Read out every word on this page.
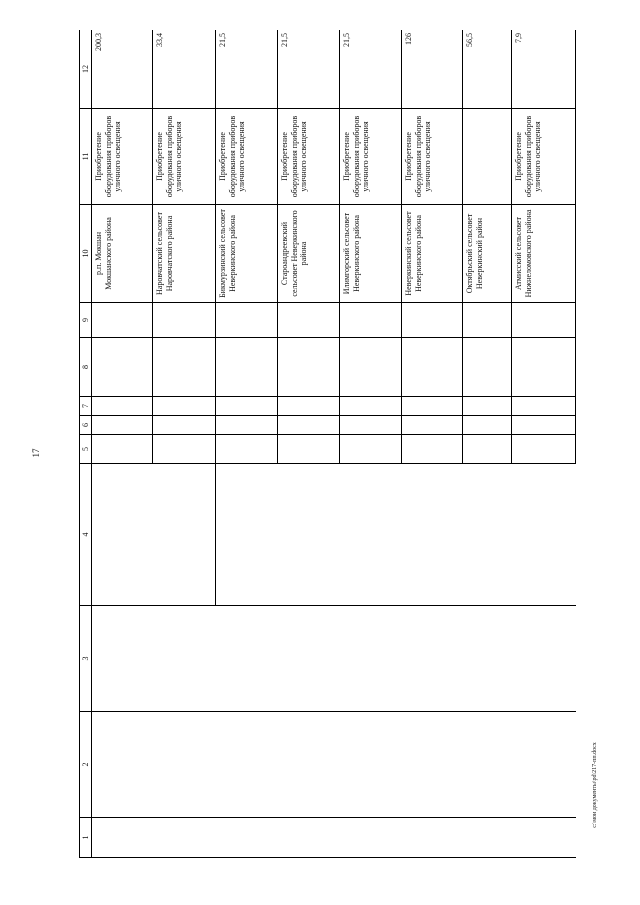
17
1	2	3	4	5	6	7	8	9	10	11	12
									р.п. Мокшан Мокшанского района	Приобретение оборудования приборов уличного освещения	200,3
									Наровчатский сельсовет Наровчатского района	Приобретение оборудования приборов уличного освещения	33,4
									Бикмурзинский сельсовет Неверкинского района	Приобретение оборудования приборов уличного освещения	21,5
									Староандреевский сельсовет Неверкинского района	Приобретение оборудования приборов уличного освещения	21,5
									Илимгорский сельсовет Неверкинского района	Приобретение оборудования приборов уличного освещения	21,5
									Неверкинский сельсовет Неверкинского района	Приобретение оборудования приборов уличного освещения	126
									Октябрьский сельсовет Неверкинский район		56,5
									Атмисский сельсовет Нижнеломовского района	Приобретение оборудования приборов уличного освещения	7,9
c:\мои документы\pd\217-пп.docx
